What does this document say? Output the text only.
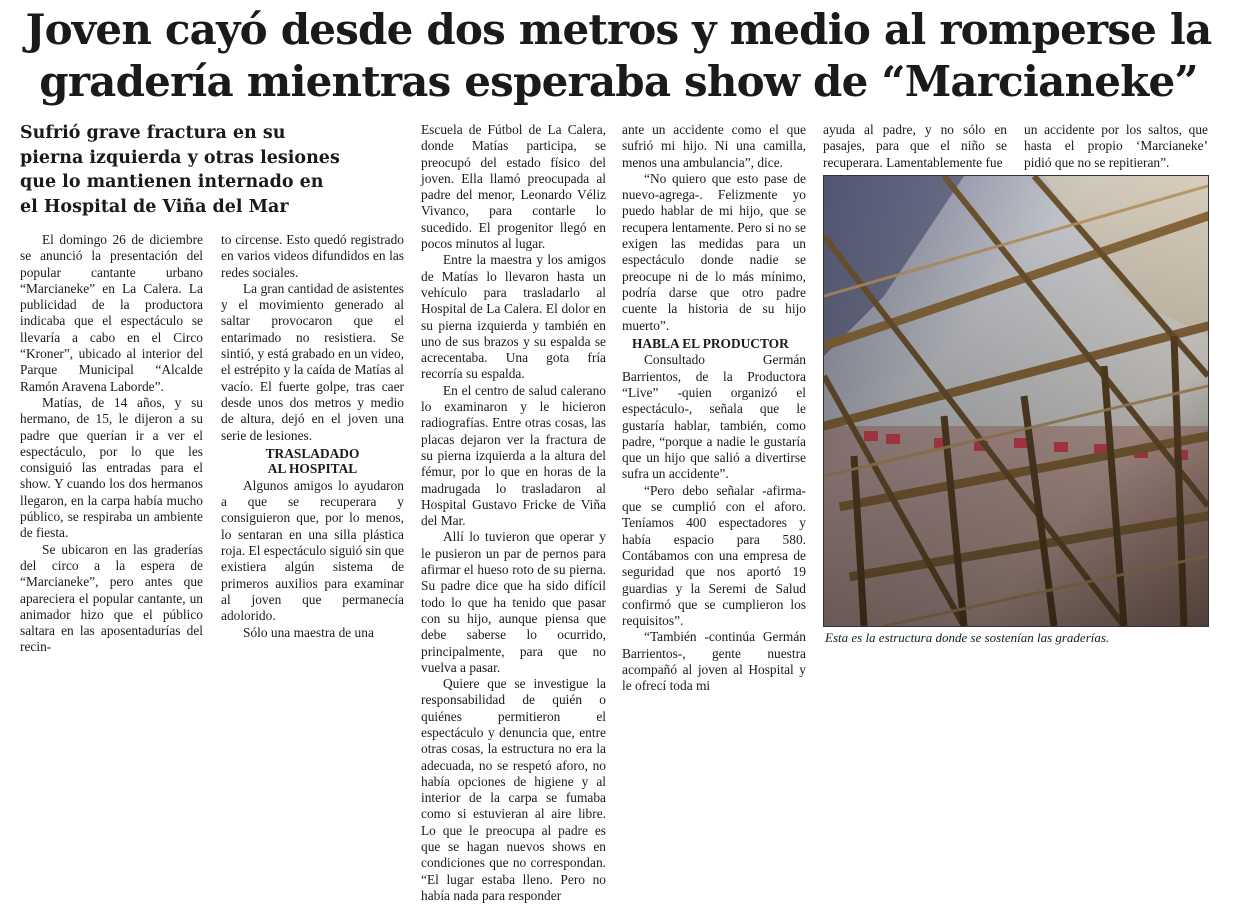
Joven cayó desde dos metros y medio al romperse la
gradería mientras esperaba show de “Marcianeke”
Sufrió grave fractura en su pierna izquierda y otras lesiones que lo mantienen internado en el Hospital de Viña del Mar

El domingo 26 de diciembre se anunció la presentación del popular cantante urbano “Marcianeke” en La Calera. La publicidad de la productora indicaba que el espectáculo se llevaría a cabo en el Circo “Kroner”, ubicado al interior del Parque Municipal “Alcalde Ramón Aravena Laborde”.

Matías, de 14 años, y su hermano, de 15, le dijeron a su padre que querían ir a ver el espectáculo, por lo que les consiguió las entradas para el show. Y cuando los dos hermanos llegaron, en la carpa había mucho público, se respiraba un ambiente de fiesta.

Se ubicaron en las graderías del circo a la espera de “Marcianeke”, pero antes que apareciera el popular cantante, un animador hizo que el público saltara en las aposentadurías del recin-

to circense. Esto quedó registrado en varios videos difundidos en las redes sociales.

La gran cantidad de asistentes y el movimiento generado al saltar provocaron que el entarimado no resistiera. Se sintió, y está grabado en un video, el estrépito y la caída de Matías al vacío. El fuerte golpe, tras caer desde unos dos metros y medio de altura, dejó en el joven una serie de lesiones.

TRASLADADO
AL HOSPITAL

Algunos amigos lo ayudaron a que se recuperara y consiguieron que, por lo menos, lo sentaran en una silla plástica roja. El espectáculo siguió sin que existiera algún sistema de primeros auxilios para examinar al joven que permanecía adolorido.

Sólo una maestra de una

Escuela de Fútbol de La Calera, donde Matías participa, se preocupó del estado físico del joven. Ella llamó preocupada al padre del menor, Leonardo Véliz Vivanco, para contarle lo sucedido. El progenitor llegó en pocos minutos al lugar.

Entre la maestra y los amigos de Matías lo llevaron hasta un vehículo para trasladarlo al Hospital de La Calera. El dolor en su pierna izquierda y también en uno de sus brazos y su espalda se acrecentaba. Una gota fría recorría su espalda.

En el centro de salud calerano lo examinaron y le hicieron radiografías. Entre otras cosas, las placas dejaron ver la fractura de su pierna izquierda a la altura del fémur, por lo que en horas de la madrugada lo trasladaron al Hospital Gustavo Fricke de Viña del Mar.

Allí lo tuvieron que operar y le pusieron un par de pernos para afirmar el hueso roto de su pierna. Su padre dice que ha sido difícil todo lo que ha tenido que pasar con su hijo, aunque piensa que debe saberse lo ocurrido, principalmente, para que no vuelva a pasar.

Quiere que se investigue la responsabilidad de quién o quiénes permitieron el espectáculo y denuncia que, entre otras cosas, la estructura no era la adecuada, no se respetó aforo, no había opciones de higiene y al interior de la carpa se fumaba como si estuvieran al aire libre. Lo que le preocupa al padre es que se hagan nuevos shows en condiciones que no correspondan. “El lugar estaba lleno. Pero no había nada para responder

ante un accidente como el que sufrió mi hijo. Ni una camilla, menos una ambulancia”, dice.

“No quiero que esto pase de nuevo-agrega-. Felizmente yo puedo hablar de mi hijo, que se recupera lentamente. Pero si no se exigen las medidas para un espectáculo donde nadie se preocupe ni de lo más mínimo, podría darse que otro padre cuente la historia de su hijo muerto”.

HABLA EL PRODUCTOR

Consultado Germán Barrientos, de la Productora “Live” -quien organizó el espectáculo-, señala que le gustaría hablar, también, como padre, “porque a nadie le gustaría que un hijo que salió a divertirse sufra un accidente”.

“Pero debo señalar -afirma- que se cumplió con el aforo. Teníamos 400 espectadores y había espacio para 580. Contábamos con una empresa de seguridad que nos aportó 19 guardias y la Seremi de Salud confirmó que se cumplieron los requisitos”.

“También -continúa Germán Barrientos-, gente nuestra acompañó al joven al Hospital y le ofrecí toda mi

ayuda al padre, y no sólo en pasajes, para que el niño se recuperara. Lamentablemente fue

un accidente por los saltos, que hasta el propio ‘Marcianeke’ pidió que no se repitieran”.

Esta es la estructura donde se sostenían las graderías.
